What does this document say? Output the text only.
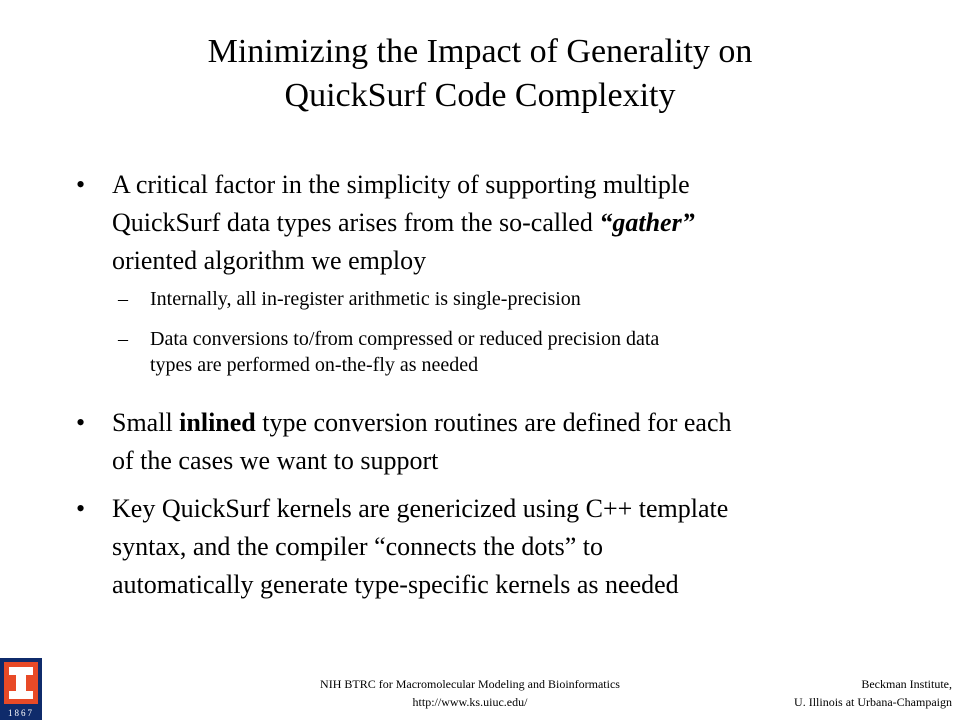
Minimizing the Impact of Generality on
QuickSurf Code Complexity
• A critical factor in the simplicity of supporting multiple
QuickSurf data types arises from the so-called “gather”
oriented algorithm we employ
– Internally, all in-register arithmetic is single-precision
– Data conversions to/from compressed or reduced precision data
types are performed on-the-fly as needed
• Small inlined type conversion routines are defined for each
of the cases we want to support
• Key QuickSurf kernels are genericized using C++ template
syntax, and the compiler “connects the dots” to
automatically generate type-specific kernels as needed
1867
NIH BTRC for Macromolecular Modeling and Bioinformatics
http://www.ks.uiuc.edu/
Beckman Institute,
U. Illinois at Urbana-Champaign
